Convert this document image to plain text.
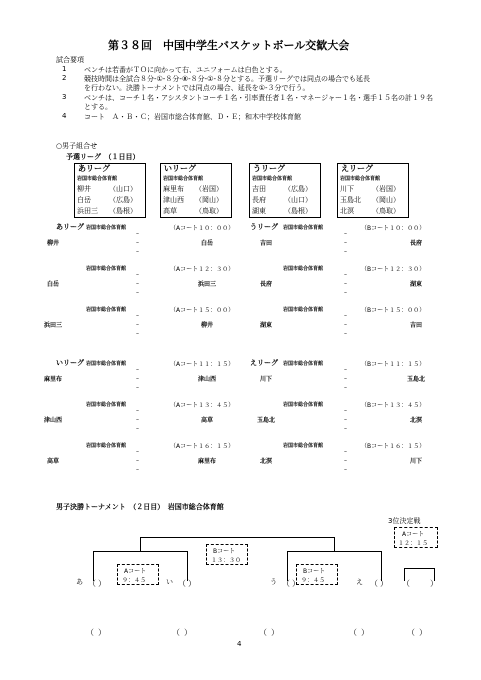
第３８回　中国中学生バスケットボール交歓大会
試合要項
1	ベンチは若番がＴＯに向かって右、ユニフォームは白色とする。
2	競技時間は全試合８分-①-８分-⑧-８分-①-８分とする。予選リーグでは同点の場合でも延長
を行わない。決勝トーナメントでは同点の場合、延長を①-３分で行う。
3	ベンチは、コーチ１名・アシスタントコーチ１名・引率責任者１名・マネージャー１名・選手１５名の計１９名
とする。
4	コート　Ａ・Ｂ・Ｃ；岩国市総合体育館、Ｄ・Ｅ；和木中学校体育館
○男子組合せ
予選リーグ　（１日目）
あリーグ
岩国市総合体育館
柳井	（山口）
白岳	（広島）
浜田三 （島根）
いリーグ
岩国市総合体育館
麻里布 （岩国）
津山西 （岡山）
高草	（鳥取）
うリーグ
岩国市総合体育館
吉田	（広島）
長府	（山口）
湖東	（島根）
えリーグ
岩国市総合体育館
川下	（岩国）
玉島北 （岡山）
北溟	（鳥取）
あリーグ 岩国市総合体育館	（Aコート１０：００）
柳井	白岳
–
–
–
岩国市総合体育館	（Aコート１２：３０）
白岳	浜田三
–
–
–
岩国市総合体育館	（Aコート１５：００）
浜田三	柳井
–
–
–
うリーグ 岩国市総合体育館	（Bコート１０：００）
吉田	長府
–
–
–
岩国市総合体育館	（Bコート１２：３０）
長府	湖東
–
–
–
岩国市総合体育館	（Bコート１５：００）
湖東	吉田
–
–
–
いリーグ 岩国市総合体育館	（Aコート１１：１５）
麻里布	津山西
–
–
–
岩国市総合体育館	（Aコート１３：４５）
津山西	高草
–
–
–
岩国市総合体育館	（Aコート１６：１５）
高草	麻里布
–
–
–
えリーグ 岩国市総合体育館	（Bコート１１：１５）
川下	玉島北
–
–
–
岩国市総合体育館	（Bコート１３：４５）
玉島北	北溟
–
–
–
岩国市総合体育館	（Bコート１６：１５）
北溟	川下
–
–
–
男子決勝トーナメント　（２日目）　岩国市総合体育館
3位決定戦
Aコート
１２：１５
Bコート
１３：３０
Aコート
９：４５
Bコート
９：４５
あ	い	う	え
（ ）	（ ）	（ ）	（ ） （	）
（ ）	（ ）	（ ）	（ ）	（ ）
4
